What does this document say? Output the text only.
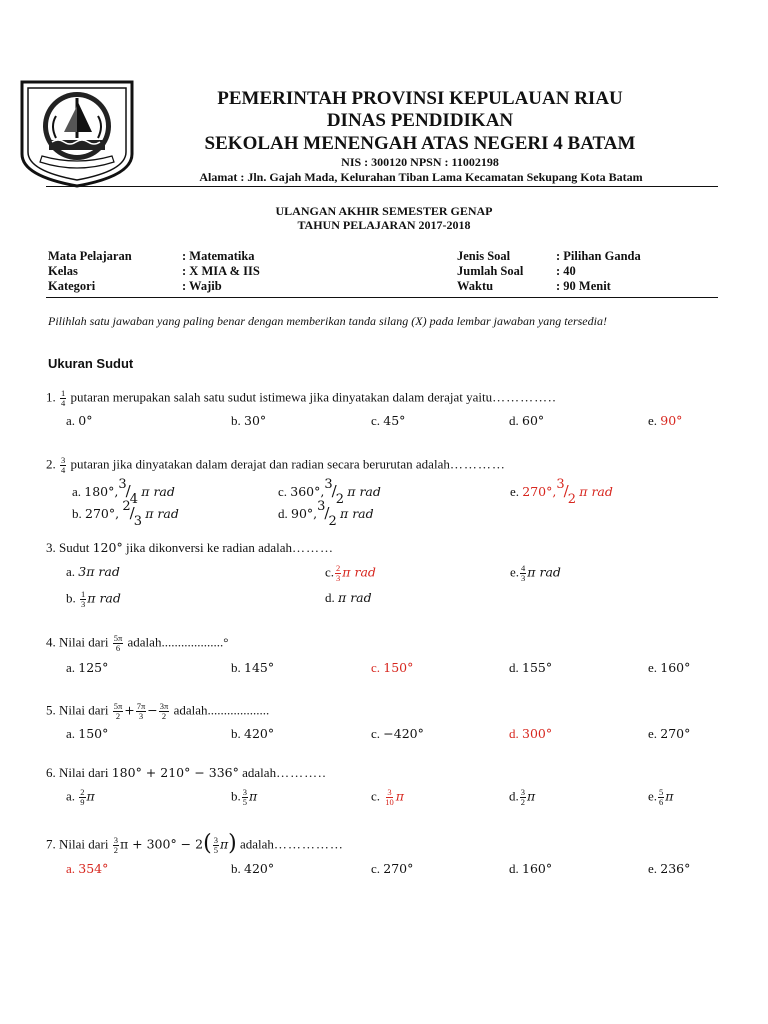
PEMERINTAH PROVINSI KEPULAUAN RIAU
DINAS PENDIDIKAN
SEKOLAH MENENGAH ATAS NEGERI 4 BATAM
NIS : 300120 NPSN : 11002198
Alamat : Jln. Gajah Mada, Kelurahan Tiban Lama Kecamatan Sekupang Kota Batam
ULANGAN AKHIR SEMESTER GENAP
TAHUN PELAJARAN 2017-2018
Mata Pelajaran	: Matematika
Kelas	: X MIA & IIS
Kategori	: Wajib
Jenis Soal	: Pilihan Ganda
Jumlah Soal	: 40
Waktu	: 90 Menit
Pilihlah satu jawaban yang paling benar dengan memberikan tanda silang (X) pada lembar jawaban yang tersedia!
Ukuran Sudut
1. $\frac{1}{4}$ putaran merupakan salah satu sudut istimewa jika dinyatakan dalam derajat yaitu…………..
a. 0°	b. 30°	c. 45°	d. 60°	e. 90°
2. $\frac{3}{4}$ putaran jika dinyatakan dalam derajat dan radian secara berurutan adalah…………
a. $180^\circ,^3/_4$ π rad
b. 270°, $^2/_3$ π rad
c. $360^\circ,^3/_2$ π rad
d. $90^\circ,^3/_2$ π rad
e. $270^\circ,^3/_2$ π rad
3. Sudut 120° jika dikonversi ke radian adalah………
a. 3π rad
b. $\frac{1}{3}$ π rad
c. $\frac{2}{3}$ π rad
d. π rad
e. $\frac{4}{3}$ π rad
4. Nilai dari $\frac{5\pi}{6}$ adalah...................°
a. 125°	b. 145°	c. 150°	d. 155°	e. 160°
5. Nilai dari $\frac{5\pi}{2} + \frac{7\pi}{3} - \frac{3\pi}{2}$ adalah...................
a. 150°	b. 420°	c. −420°	d. 300°	e. 270°
6. Nilai dari 180° + 210° − 336° adalah………..
a. $\frac{2}{9}$ π	b. $\frac{3}{5}$ π	c. $\frac{3}{10}$ π	d. $\frac{3}{2}$ π	e. $\frac{5}{6}$ π
7. Nilai dari $\frac{3}{2}$ $\pi + 300^\circ - 2( \frac{3}{5} \pi)$ adalah……………
a. 354°	b. 420°	c. 270°	d. 160°	e. 236°
